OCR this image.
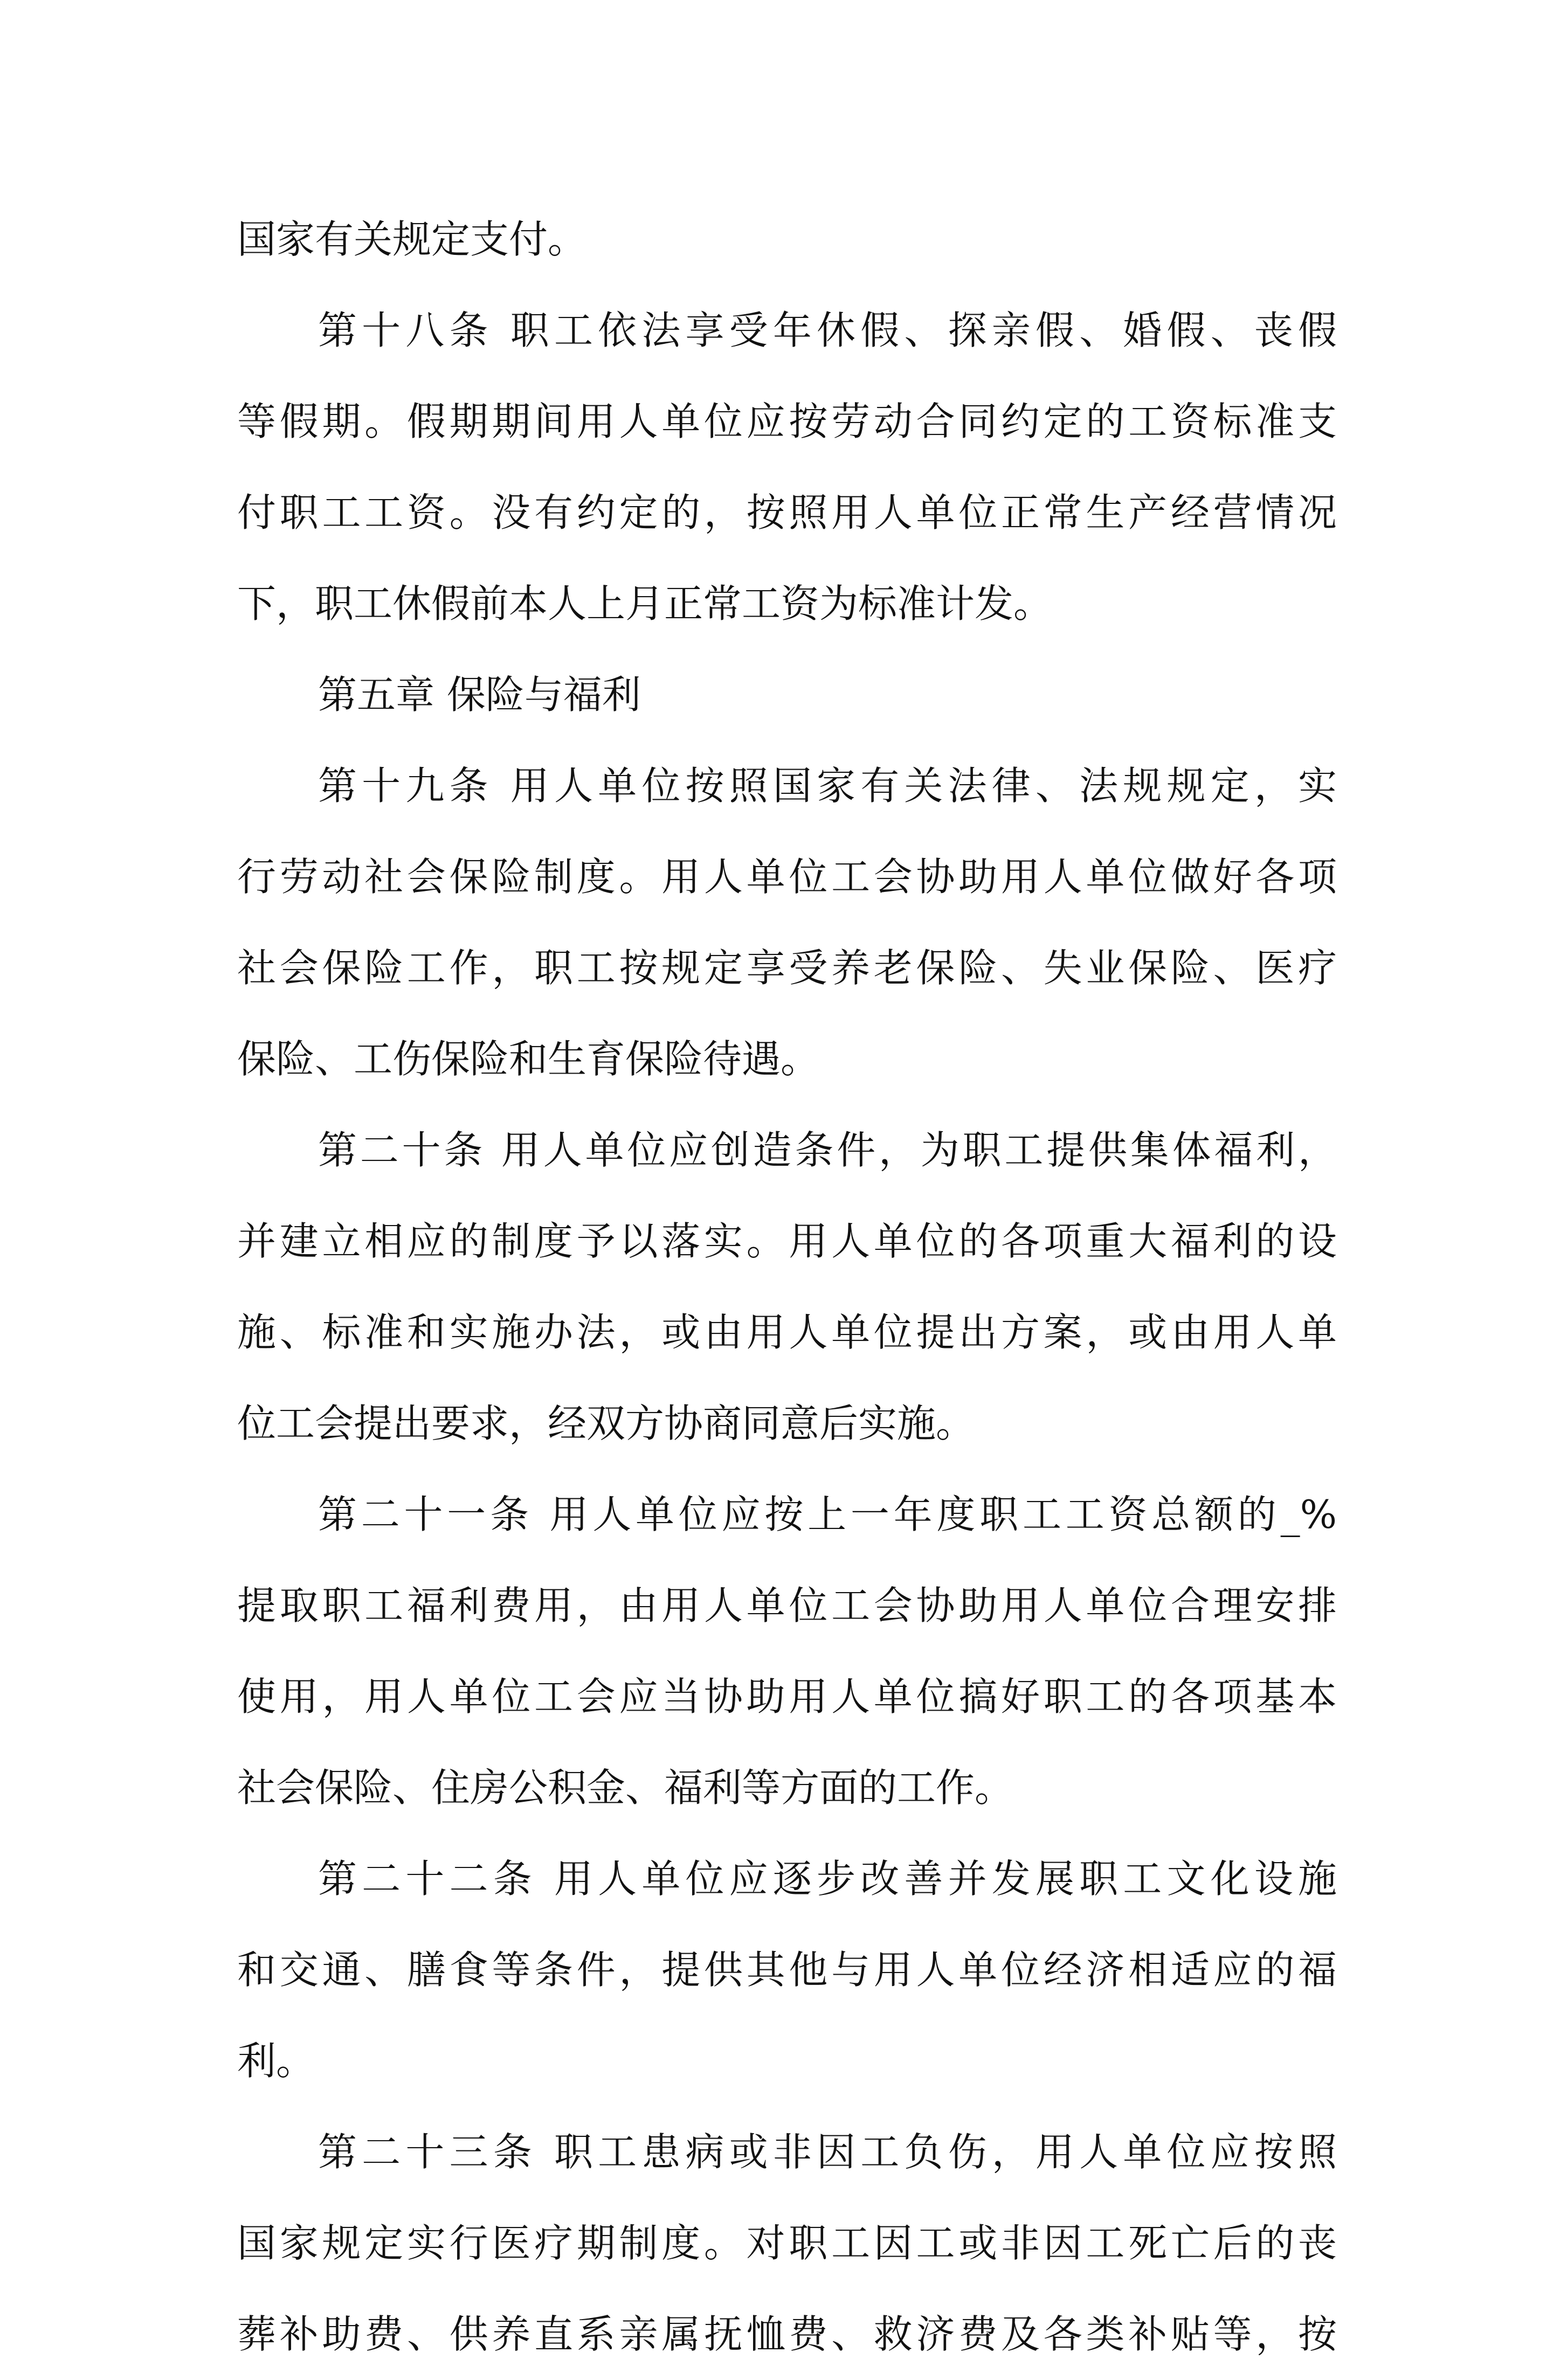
国家有关规定支付。
第十八条 职工依法享受年休假、探亲假、婚假、丧假
等假期。假期期间用人单位应按劳动合同约定的工资标准支
付职工工资。没有约定的，按照用人单位正常生产经营情况
下，职工休假前本人上月正常工资为标准计发。
第五章 保险与福利
第十九条 用人单位按照国家有关法律、法规规定，实
行劳动社会保险制度。用人单位工会协助用人单位做好各项
社会保险工作，职工按规定享受养老保险、失业保险、医疗
保险、工伤保险和生育保险待遇。
第二十条 用人单位应创造条件，为职工提供集体福利，
并建立相应的制度予以落实。用人单位的各项重大福利的设
施、标准和实施办法，或由用人单位提出方案，或由用人单
位工会提出要求，经双方协商同意后实施。
第二十一条 用人单位应按上一年度职工工资总额的_%
提取职工福利费用，由用人单位工会协助用人单位合理安排
使用，用人单位工会应当协助用人单位搞好职工的各项基本
社会保险、住房公积金、福利等方面的工作。
第二十二条 用人单位应逐步改善并发展职工文化设施
和交通、膳食等条件，提供其他与用人单位经济相适应的福
利。
第二十三条 职工患病或非因工负伤，用人单位应按照
国家规定实行医疗期制度。对职工因工或非因工死亡后的丧
葬补助费、供养直系亲属抚恤费、救济费及各类补贴等，按
